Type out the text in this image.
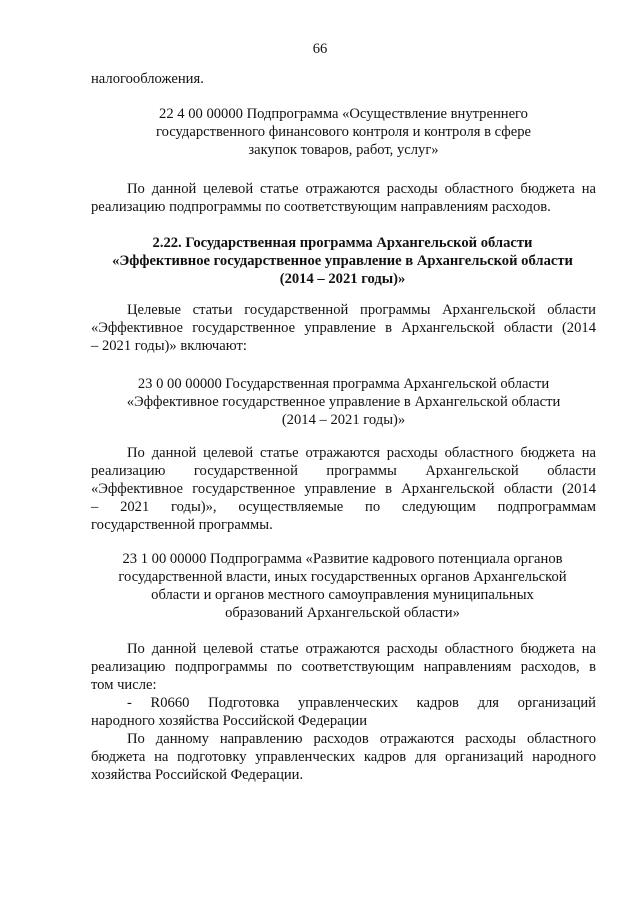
66
налогообложения.
22 4 00 00000 Подпрограмма «Осуществление внутреннего
государственного финансового контроля и контроля в сфере
закупок товаров, работ, услуг»
По данной целевой статье отражаются расходы областного бюджета на
реализацию подпрограммы по соответствующим направлениям расходов.
2.22. Государственная программа Архангельской области
«Эффективное государственное управление в Архангельской области
(2014 – 2021 годы)»
Целевые статьи государственной программы Архангельской области
«Эффективное государственное управление в Архангельской области (2014
– 2021 годы)» включают:
23 0 00 00000 Государственная программа Архангельской области
«Эффективное государственное управление в Архангельской области
(2014 – 2021 годы)»
По данной целевой статье отражаются расходы областного бюджета на
реализацию государственной программы Архангельской области
«Эффективное государственное управление в Архангельской области (2014
– 2021 годы)», осуществляемые по следующим подпрограммам
государственной программы.
23 1 00 00000 Подпрограмма «Развитие кадрового потенциала органов
государственной власти, иных государственных органов Архангельской
области и органов местного самоуправления муниципальных
образований Архангельской области»
По данной целевой статье отражаются расходы областного бюджета на
реализацию подпрограммы по соответствующим направлениям расходов, в
том числе:
- R0660 Подготовка управленческих кадров для организаций
народного хозяйства Российской Федерации
По данному направлению расходов отражаются расходы областного
бюджета на подготовку управленческих кадров для организаций народного
хозяйства Российской Федерации.
